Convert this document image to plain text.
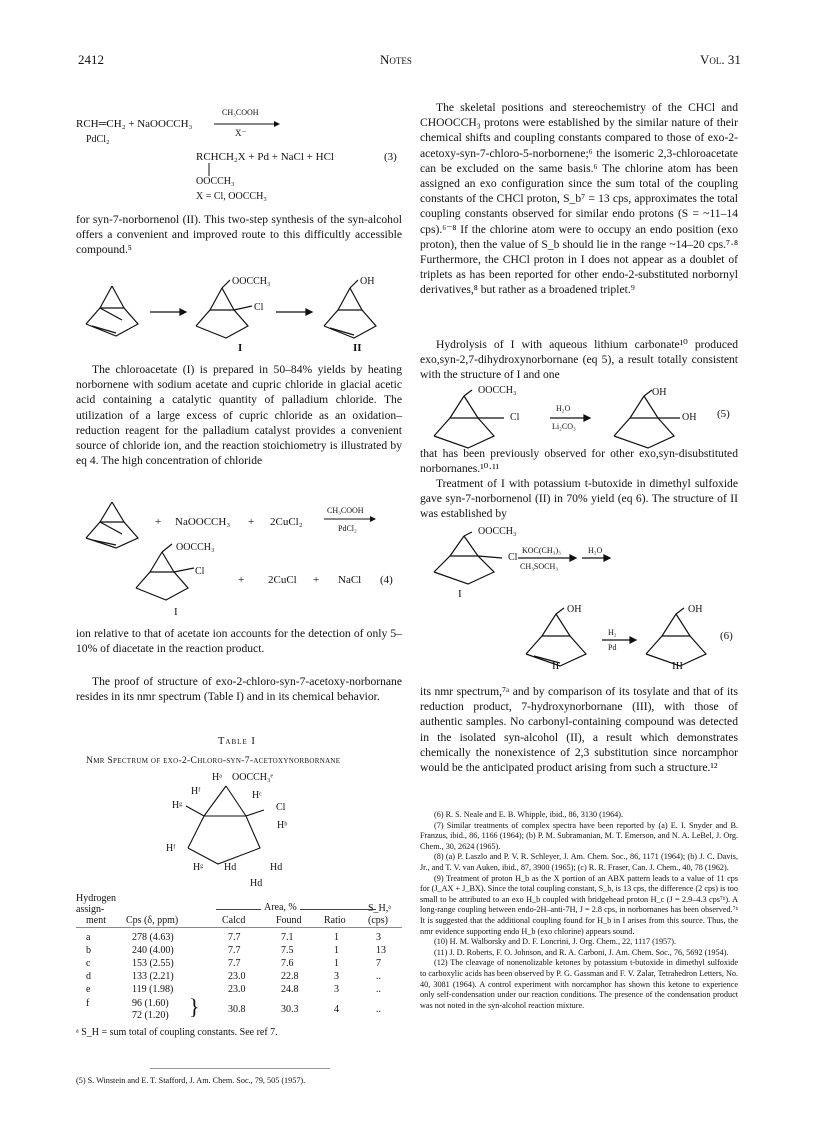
2412	Notes	Vol. 31
RCH═CH₂ + NaOOCCH₃
PdCl₂
CH₃COOH
X⁻
RCHCH₂X + Pd + NaCl + HCl	(3)
OOCCH₃
X = Cl, OOCCH₃

for syn-7-norbornenol (II). This two-step synthesis of the syn-alcohol offers a convenient and improved route to this difficultly accessible compound.⁵

OOCCH₃
Cl
OH
I	II

The chloroacetate (I) is prepared in 50–84% yields by heating norbornene with sodium acetate and cupric chloride in glacial acetic acid containing a catalytic quantity of palladium chloride. The utilization of a large excess of cupric chloride as an oxidation–reduction reagent for the palladium catalyst provides a convenient source of chloride ion, and the reaction stoichiometry is illustrated by eq 4. The high concentration of chloride

+ NaOOCCH₃ + 2CuCl₂
CH₃COOH
PdCl₂
OOCCH₃
Cl
+ 2CuCl + NaCl (4)
I

ion relative to that of acetate ion accounts for the detection of only 5–10% of diacetate in the reaction product.

The proof of structure of exo-2-chloro-syn-7-acetoxy-norbornane resides in its nmr spectrum (Table I) and in its chemical behavior.

Table I
Nmr Spectrum of exo-2-Chloro-syn-7-acetoxynorbornane
Hᵃ OOCCH₃ᵉ
Hᶠ	Hᶜ
Hᵍ	Cl
Hᵇ
Hᶠ
Hᵍ Hd	Hd
Hd
Hydrogen
assign-
ment Cps (δ, ppm)
Area, %
Calcd	Found Ratio
S_H,ᵃ
(cps)
a	278 (4.63)	7.7	7.1	1	3
b	240 (4.00)	7.7	7.5	1	13
c	153 (2.55)	7.7	7.6	1	7
d	133 (2.21)	23.0	22.8	3	..
e	119 (1.98)	23.0	24.8	3	..
f	96 (1.60)
72 (1.20) }	30.8	30.3	4	..
ᵃ S_H = sum total of coupling constants. See ref 7.

(5) S. Winstein and E. T. Stafford, J. Am. Chem. Soc., 79, 505 (1957).

The skeletal positions and stereochemistry of the CHCl and CHOOCCH₃ protons were established by the similar nature of their chemical shifts and coupling constants compared to those of exo-2-acetoxy-syn-7-chloro-5-norbornene;⁶ the isomeric 2,3-chloroacetate can be excluded on the same basis.⁶ The chlorine atom has been assigned an exo configuration since the sum total of the coupling constants of the CHCl proton, S_b⁷ = 13 cps, approximates the total coupling constants observed for similar endo protons (S = ~11–14 cps).⁶⁻⁸ If the chlorine atom were to occupy an endo position (exo proton), then the value of S_b should lie in the range ~14–20 cps.⁷·⁸ Furthermore, the CHCl proton in I does not appear as a doublet of triplets as has been reported for other endo-2-substituted norbornyl derivatives,⁸ but rather as a broadened triplet.⁹

Hydrolysis of I with aqueous lithium carbonate¹⁰ produced exo,syn-2,7-dihydroxynorbornane (eq 5), a result totally consistent with the structure of I and one

OOCCH₃
Cl
H₂O
Li₂CO₃
OH
OH (5)

that has been previously observed for other exo,syn-disubstituted norbornanes.¹⁰·¹¹

Treatment of I with potassium t-butoxide in dimethyl sulfoxide gave syn-7-norbornenol (II) in 70% yield (eq 6). The structure of II was established by

OOCCH₃
Cl
KOC(CH₃)₃
CH₃SOCH₃
H₂O
I
OH
H₂
Pd
OH
(6)
II	III

its nmr spectrum,⁷ᵃ and by comparison of its tosylate and that of its reduction product, 7-hydroxynorbornane (III), with those of authentic samples. No carbonyl-containing compound was detected in the isolated syn-alcohol (II), a result which demonstrates chemically the nonexistence of 2,3 substitution since norcamphor would be the anticipated product arising from such a structure.¹²

(6) R. S. Neale and E. B. Whipple, ibid., 86, 3130 (1964).

(7) Similar treatments of complex spectra have been reported by (a) E. I. Snyder and B. Franzus, ibid., 86, 1166 (1964); (b) P. M. Subramanian, M. T. Emerson, and N. A. LeBel, J. Org. Chem., 30, 2624 (1965).

(8) (a) P. Laszlo and P. V. R. Schleyer, J. Am. Chem. Soc., 86, 1171 (1964); (b) J. C. Davis, Jr., and T. V. van Auken, ibid., 87, 3900 (1965); (c) R. R. Fraser, Can. J. Chem., 40, 78 (1962).

(9) Treatment of proton H_b as the X portion of an ABX pattern leads to a value of 11 cps for (J_AX + J_BX). Since the total coupling constant, S_b, is 13 cps, the difference (2 cps) is too small to be attributed to an exo H_b coupled with bridgehead proton H_c (J = 2.9–4.3 cps⁷ᵇ). A long-range coupling between endo-2H–anti-7H, J = 2.8 cps, in norbornanes has been observed.⁷ᵇ It is suggested that the additional coupling found for H_b in I arises from this source. Thus, the nmr evidence supporting endo H_b (exo chlorine) appears sound.

(10) H. M. Walborsky and D. F. Loncrini, J. Org. Chem., 22, 1117 (1957).

(11) J. D. Roberts, F. O. Johnson, and R. A. Carboni, J. Am. Chem. Soc., 76, 5692 (1954).

(12) The cleavage of nonenolizable ketones by potassium t-butoxide in dimethyl sulfoxide to carboxylic acids has been observed by P. G. Gassman and F. V. Zalar, Tetrahedron Letters, No. 40, 3081 (1964). A control experiment with norcamphor has shown this ketone to experience only self-condensation under our reaction conditions. The presence of the condensation product was not noted in the syn-alcohol reaction mixture.
